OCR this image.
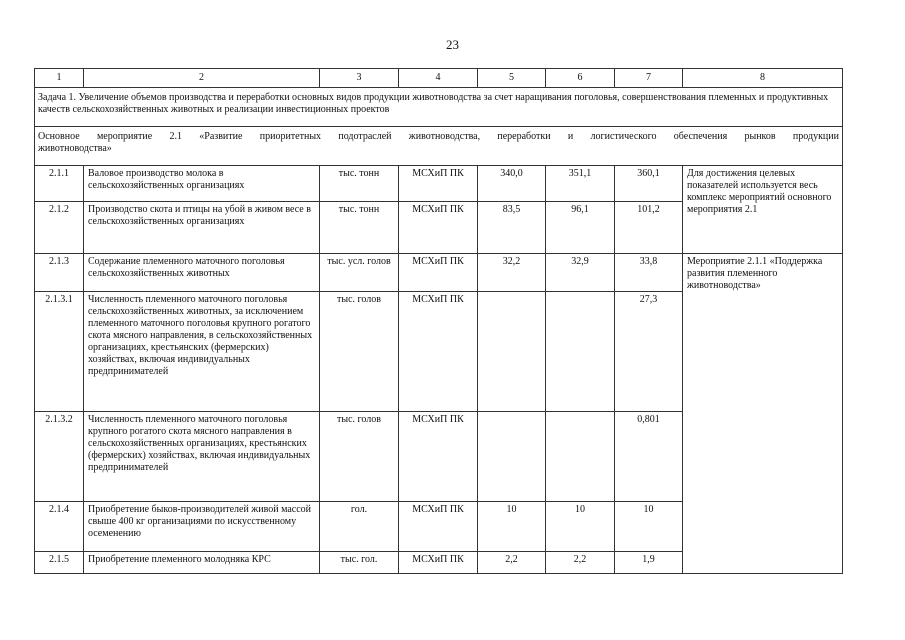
23
1	2	3	4	5	6	7	8
Задача 1. Увеличение объемов производства и переработки основных видов продукции животноводства за счет наращивания поголовья, совершенствования племенных и продуктивных качеств сельскохозяйственных животных и реализации инвестиционных проектов							

Основное мероприятие 2.1 «Развитие приоритетных подотраслей животноводства, переработки и логистического обеспечения рынков продукции
животноводства»							
2.1.1	Валовое производство молока в сельскохозяйственных организациях	тыс. тонн	МСХиП ПК	340,0	351,1	360,1	Для достижения целевых показателей используется весь комплекс мероприятий основного мероприятия 2.1
2.1.2	Производство скота и птицы на убой в живом весе в сельскохозяйственных организациях	тыс. тонн	МСХиП ПК	83,5	96,1	101,2	
2.1.3	Содержание племенного маточного поголовья сельскохозяйственных животных	тыс. усл. голов	МСХиП ПК	32,2	32,9	33,8	Мероприятие 2.1.1 «Поддержка развития племенного животноводства»
2.1.3.1	Численность племенного маточного поголовья сельскохозяйственных животных, за исключением племенного маточного поголовья крупного рогатого скота мясного направления, в сельскохозяйственных организациях, крестьянских (фермерских) хозяйствах, включая индивидуальных предпринимателей	тыс. голов	МСХиП ПК			27,3	
2.1.3.2	Численность племенного маточного поголовья крупного рогатого скота мясного направления в сельскохозяйственных организациях, крестьянских (фермерских) хозяйствах, включая индивидуальных предпринимателей	тыс. голов	МСХиП ПК			0,801	
2.1.4	Приобретение быков-производителей живой массой свыше 400 кг организациями по искусственному осеменению	гол.	МСХиП ПК	10	10	10	
2.1.5	Приобретение племенного молодняка КРС	тыс. гол.	МСХиП ПК	2,2	2,2	1,9	
